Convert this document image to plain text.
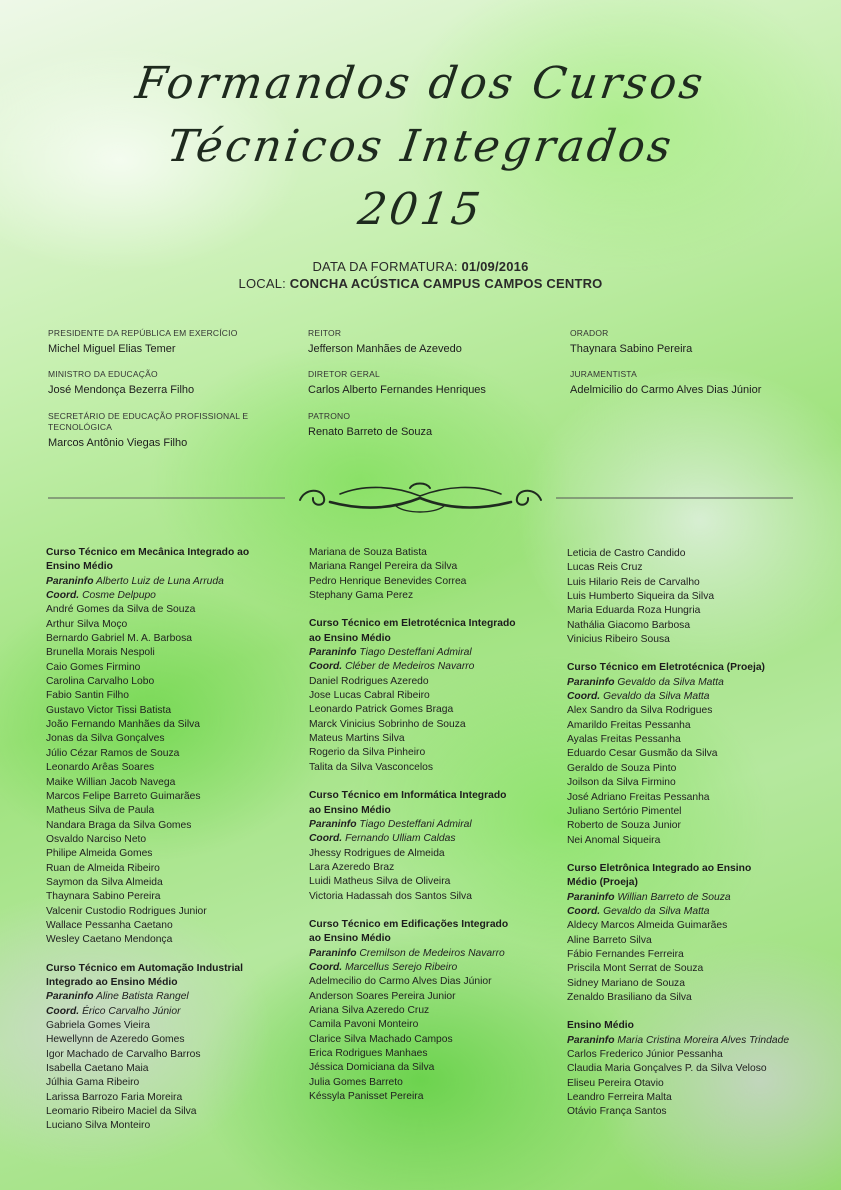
Formandos dos Cursos
Técnicos Integrados
2015
DATA DA FORMATURA: 01/09/2016
LOCAL: CONCHA ACÚSTICA CAMPUS CAMPOS CENTRO
PRESIDENTE DA REPÚBLICA EM EXERCÍCIO
Michel Miguel Elias Temer
MINISTRO DA EDUCAÇÃO
José Mendonça Bezerra Filho
SECRETÁRIO DE EDUCAÇÃO PROFISSIONAL E TECNOLÓGICA
Marcos Antônio Viegas Filho
REITOR
Jefferson Manhães de Azevedo
DIRETOR GERAL
Carlos Alberto Fernandes Henriques
PATRONO
Renato Barreto de Souza
ORADOR
Thaynara Sabino Pereira
JURAMENTISTA
Adelmicilio do Carmo Alves Dias Júnior
Curso Técnico em Mecânica Integrado ao
Ensino Médio
Paraninfo Alberto Luiz de Luna Arruda
Coord. Cosme Delpupo
André Gomes da Silva de Souza
Arthur Silva Moço
Bernardo Gabriel M. A. Barbosa
Brunella Morais Nespoli
Caio Gomes Firmino
Carolina Carvalho Lobo
Fabio Santin Filho
Gustavo Victor Tissi Batista
João Fernando Manhães da Silva
Jonas da Silva Gonçalves
Júlio Cézar Ramos de Souza
Leonardo Arêas Soares
Maike Willian Jacob Navega
Marcos Felipe Barreto Guimarães
Matheus Silva de Paula
Nandara Braga da Silva Gomes
Osvaldo Narciso Neto
Philipe Almeida Gomes
Ruan de Almeida Ribeiro
Saymon da Silva Almeida
Thaynara Sabino Pereira
Valcenir Custodio Rodrigues Junior
Wallace Pessanha Caetano
Wesley Caetano Mendonça
Curso Técnico em Automação Industrial
Integrado ao Ensino Médio
Paraninfo Aline Batista Rangel
Coord. Érico Carvalho Júnior
Gabriela Gomes Vieira
Hewellynn de Azeredo Gomes
Igor Machado de Carvalho Barros
Isabella Caetano Maia
Júlhia Gama Ribeiro
Larissa Barrozo Faria Moreira
Leomario Ribeiro Maciel da Silva
Luciano Silva Monteiro
Mariana de Souza Batista
Mariana Rangel Pereira da Silva
Pedro Henrique Benevides Correa
Stephany Gama Perez
Curso Técnico em Eletrotécnica Integrado
ao Ensino Médio
Paraninfo Tiago Desteffani Admiral
Coord. Cléber de Medeiros Navarro
Daniel Rodrigues Azeredo
Jose Lucas Cabral Ribeiro
Leonardo Patrick Gomes Braga
Marck Vinicius Sobrinho de Souza
Mateus Martins Silva
Rogerio da Silva Pinheiro
Talita da Silva Vasconcelos
Curso Técnico em Informática Integrado
ao Ensino Médio
Paraninfo Tiago Desteffani Admiral
Coord. Fernando Ulliam Caldas
Jhessy Rodrigues de Almeida
Lara Azeredo Braz
Luidi Matheus Silva de Oliveira
Victoria Hadassah dos Santos Silva
Curso Técnico em Edificações Integrado
ao Ensino Médio
Paraninfo Cremilson de Medeiros Navarro
Coord. Marcellus Serejo Ribeiro
Adelmecilio do Carmo Alves Dias Júnior
Anderson Soares Pereira Junior
Ariana Silva Azeredo Cruz
Camila Pavoni Monteiro
Clarice Silva Machado Campos
Erica Rodrigues Manhaes
Jéssica Domiciana da Silva
Julia Gomes Barreto
Késsyla Panisset Pereira
Leticia de Castro Candido
Lucas Reis Cruz
Luis Hilario Reis de Carvalho
Luis Humberto Siqueira da Silva
Maria Eduarda Roza Hungria
Nathália Giacomo Barbosa
Vinicius Ribeiro Sousa
Curso Técnico em Eletrotécnica (Proeja)
Paraninfo Gevaldo da Silva Matta
Coord. Gevaldo da Silva Matta
Alex Sandro da Silva Rodrigues
Amarildo Freitas Pessanha
Ayalas Freitas Pessanha
Eduardo Cesar Gusmão da Silva
Geraldo de Souza Pinto
Joilson da Silva Firmino
José Adriano Freitas Pessanha
Juliano Sertório Pimentel
Roberto de Souza Junior
Nei Anomal Siqueira
Curso Eletrônica Integrado ao Ensino
Médio (Proeja)
Paraninfo Willian Barreto de Souza
Coord. Gevaldo da Silva Matta
Aldecy Marcos Almeida Guimarães
Aline Barreto Silva
Fábio Fernandes Ferreira
Priscila Mont Serrat de Souza
Sidney Mariano de Souza
Zenaldo Brasiliano da Silva
Ensino Médio
Paraninfo Maria Cristina Moreira Alves Trindade
Carlos Frederico Júnior Pessanha
Claudia Maria Gonçalves P. da Silva Veloso
Eliseu Pereira Otavio
Leandro Ferreira Malta
Otávio França Santos
